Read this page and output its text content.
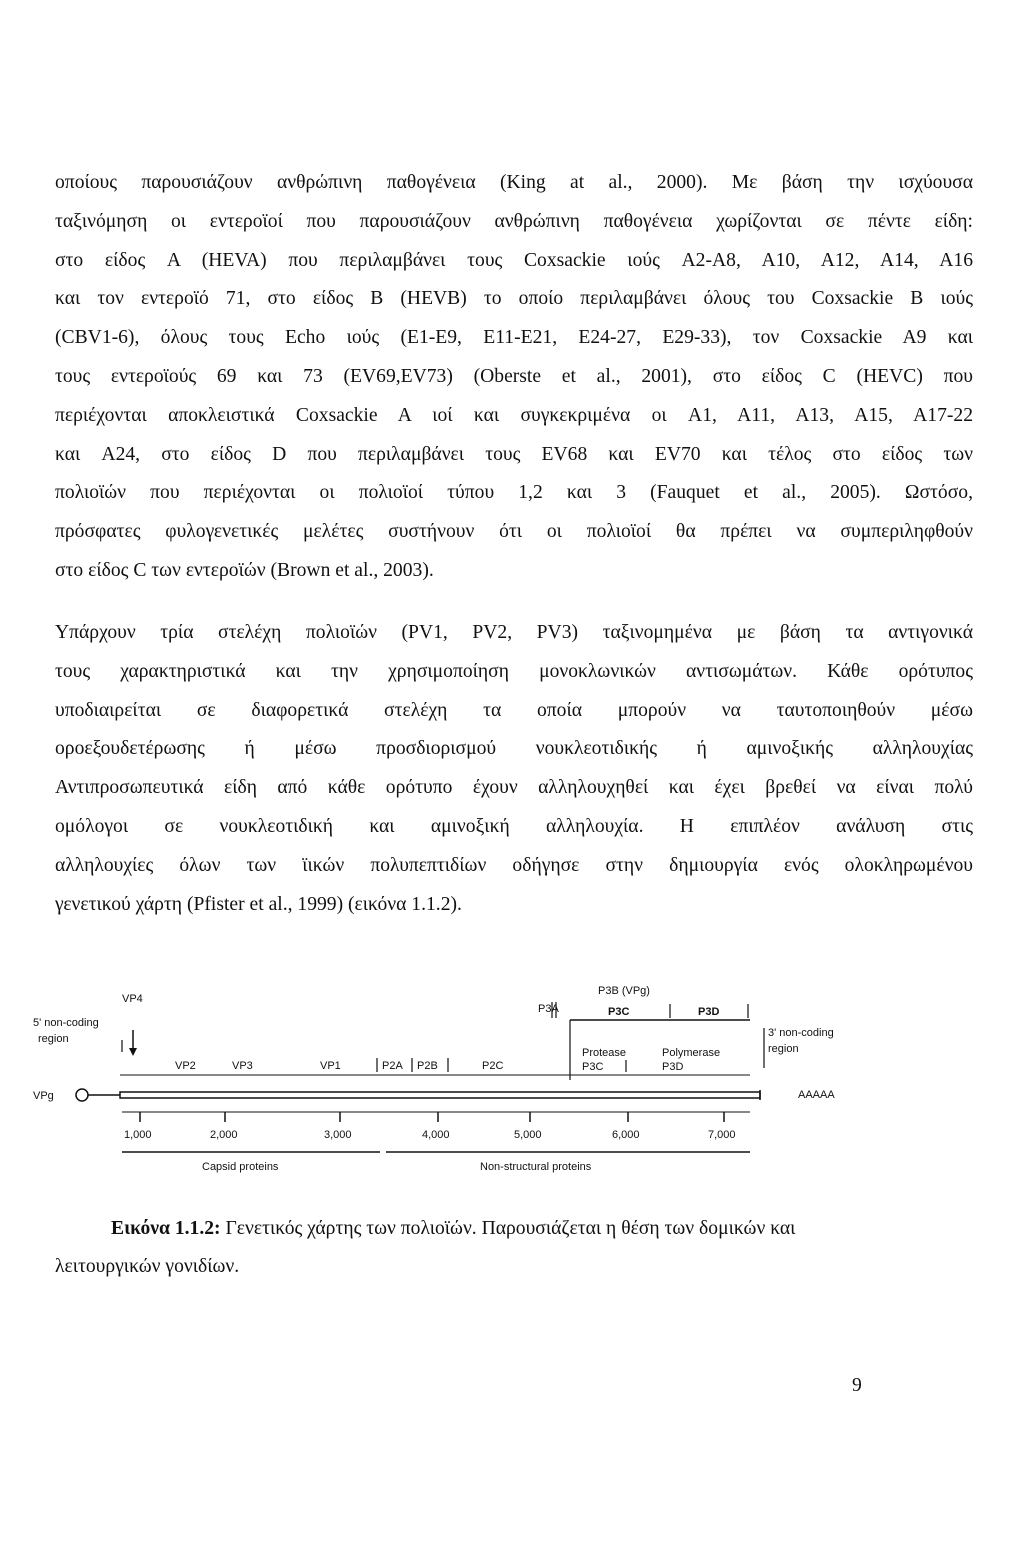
οποίους παρουσιάζουν ανθρώπινη παθογένεια (King at al., 2000). Με βάση την ισχύουσα
ταξινόμηση οι εντεροϊοί που παρουσιάζουν ανθρώπινη παθογένεια χωρίζονται σε πέντε είδη:
στο είδος A (HEVA) που περιλαμβάνει τους Coxsackie ιούς A2-A8, A10, A12, A14, A16
και τον εντεροϊό 71, στο είδος B (HEVB) το οποίο περιλαμβάνει όλους του Coxsackie B ιούς
(CBV1-6), όλους τους Echo ιούς (E1-E9, E11-E21, E24-27, E29-33), τον Coxsackie A9 και
τους εντεροϊούς 69 και 73 (EV69,EV73) (Oberste et al., 2001), στο είδος C (HEVC) που
περιέχονται αποκλειστικά Coxsackie A ιοί και συγκεκριμένα οι A1, A11, A13, A15, A17-22
και A24, στο είδος D που περιλαμβάνει τους EV68 και EV70 και τέλος στο είδος των
πολιοϊών που περιέχονται οι πολιοϊοί τύπου 1,2 και 3 (Fauquet et al., 2005). Ωστόσο,
πρόσφατες φυλογενετικές μελέτες συστήνουν ότι οι πολιοϊοί θα πρέπει να συμπεριληφθούν
στο είδος C των εντεροϊών (Brown et al., 2003).
Υπάρχουν τρία στελέχη πολιοϊών (PV1, PV2, PV3) ταξινομημένα με βάση τα αντιγονικά
τους χαρακτηριστικά και την χρησιμοποίηση μονοκλωνικών αντισωμάτων. Κάθε ορότυπος
υποδιαιρείται σε διαφορετικά στελέχη τα οποία μπορούν να ταυτοποιηθούν μέσω
οροεξουδετέρωσης ή μέσω προσδιορισμού νουκλεοτιδικής ή αμινοξικής αλληλουχίας
Αντιπροσωπευτικά είδη από κάθε ορότυπο έχουν αλληλουχηθεί και έχει βρεθεί να είναι πολύ
ομόλογοι σε νουκλεοτιδική και αμινοξική αλληλουχία. Η επιπλέον ανάλυση στις
αλληλουχίες όλων των ϊικών πολυπεπτιδίων οδήγησε στην δημιουργία ενός ολοκληρωμένου
γενετικού χάρτη (Pfister et al., 1999) (εικόνα 1.1.2).
VP4
5' non-coding
region
P3B (VPg)
P3A	P3C	P3D
3' non-coding
region
VP2	VP3	VP1	P2A P2B	P2C
Protease	Polymerase
P3C	P3D
VPg	AAAAA
1,000	2,000	3,000	4,000	5,000	6,000	7,000
Capsid proteins	Non-structural proteins
Εικόνα 1.1.2: Γενετικός χάρτης των πολιοϊών. Παρουσιάζεται η θέση των δομικών και
λειτουργικών γονιδίων.
9
